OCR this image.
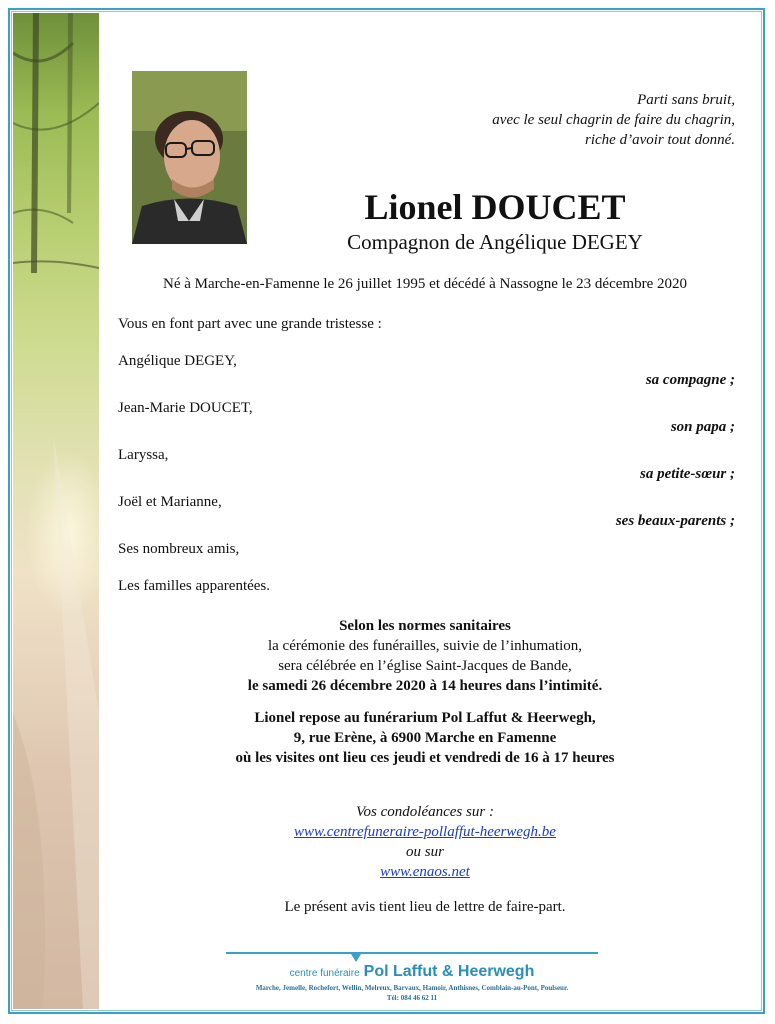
Parti sans bruit,
avec le seul chagrin de faire du chagrin,
riche d’avoir tout donné.
Lionel DOUCET
Compagnon de Angélique DEGEY
Né à Marche-en-Famenne le 26 juillet 1995 et décédé à Nassogne le 23 décembre 2020
Vous en font part avec une grande tristesse :
Angélique DEGEY,
sa compagne ;
Jean-Marie DOUCET,
son papa ;
Laryssa,
sa petite-sœur ;
Joël et Marianne,
ses beaux-parents ;
Ses nombreux amis,
Les familles apparentées.
Selon les normes sanitaires
la cérémonie des funérailles, suivie de l’inhumation,
sera célébrée en l’église Saint-Jacques de Bande,
le samedi 26 décembre 2020 à 14 heures dans l’intimité.
Lionel repose au funérarium Pol Laffut & Heerwegh,
9, rue Erène, à 6900 Marche en Famenne
où les visites ont lieu ces jeudi et vendredi de 16 à 17 heures
Vos condoléances sur :
www.centrefuneraire-pollaffut-heerwegh.be
ou sur
www.enaos.net
Le présent avis tient lieu de lettre de faire-part.
centre funéraire Pol Laffut & Heerwegh
Marche, Jemelle, Rochefort, Wellin, Melreux, Barvaux, Hamoir, Anthisnes, Comblain-au-Pont, Poulseur.
Tél: 084 46 62 11
